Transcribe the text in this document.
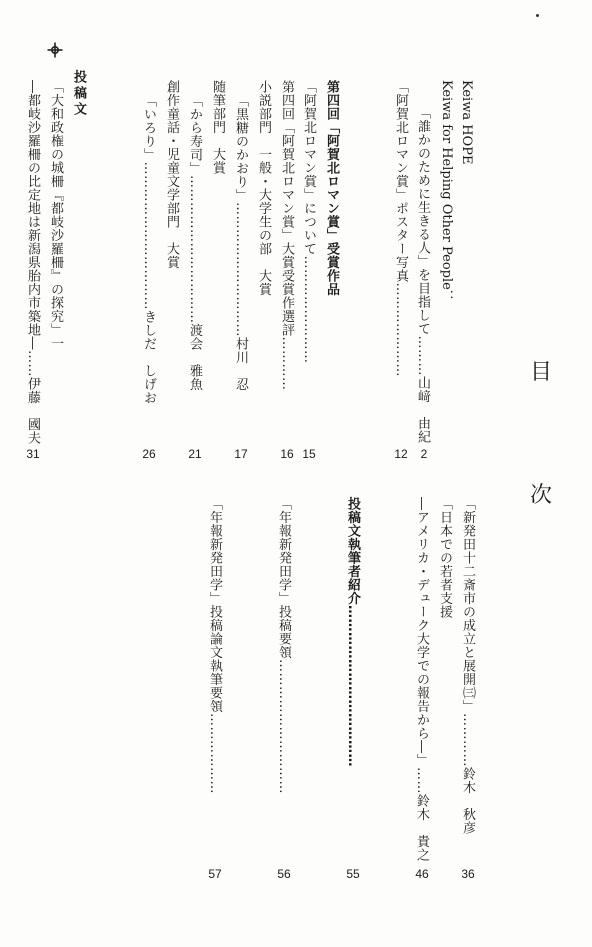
目
次
Keiwa HOPE
Keiwa for Helping Other People：
「誰かのために生きる人」を目指して………山﨑　由紀
2
「阿賀北ロマン賞」ポスター写真…………………
12
第四回「阿賀北ロマン賞」受賞作品
「阿賀北ロマン賞」について……………………
15
第四回「阿賀北ロマン賞」大賞受賞作選評…………
16
小説部門　一般・大学生の部　大賞
「黒糖のかおり」…………………………村川　忍
17
随筆部門　大賞
「から寿司」……………………………渡会　雅魚
21
創作童話・児童文学部門　大賞
「いろり」……………………………きしだ　しげお
26
投稿文
「大和政権の城柵『都岐沙羅柵』の探究」一
―都岐沙羅柵の比定地は新潟県胎内市築地―……伊藤　國夫
31
「新発田十二斎市の成立と展開㈢」…………鈴木　秋彦
36
「日本での若者支援
―アメリカ・デューク大学での報告から―」……鈴木　貴之
46
投稿文執筆者紹介………………………………
55
「年報新発田学」投稿要領…………………………
56
「年報新発田学」投稿論文執筆要領………………
57
